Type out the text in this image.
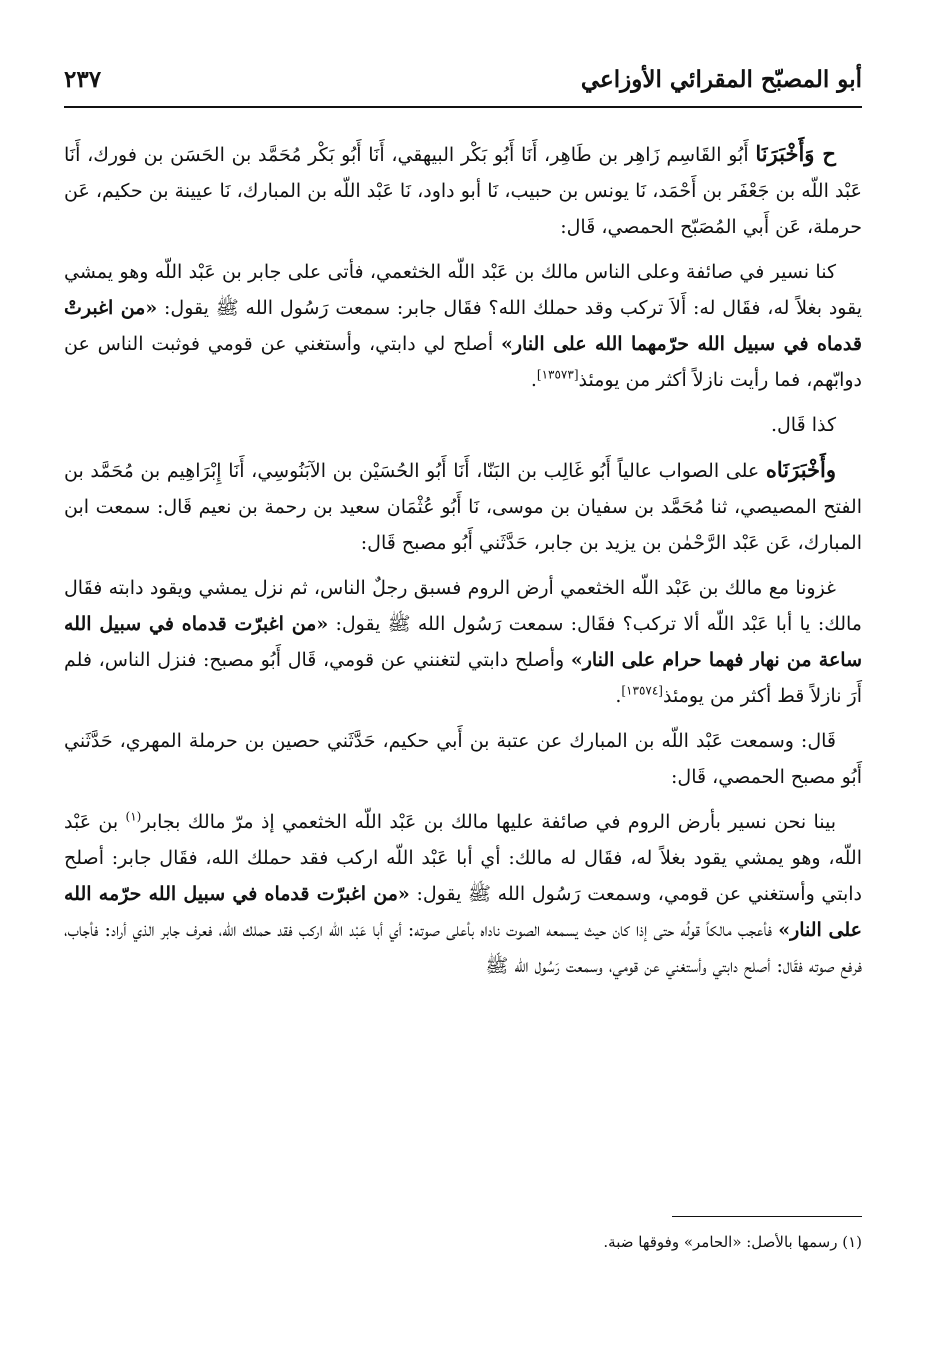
أبو المصبّح المقرائي الأوزاعي
٢٣٧

ح وَأَخْبَرَنَا أَبُو القَاسِم زَاهِر بن طَاهِر، أَنَا أَبُو بَكْر البيهقي، أَنَا أَبُو بَكْر مُحَمَّد بن الحَسَن بن فورك، أَنَا عَبْد اللّه بن جَعْفَر بن أَحْمَد، نَا يونس بن حبيب، نَا أبو داود، نَا عَبْد اللّه بن المبارك، نَا عيينة بن حكيم، عَن حرملة، عَن أَبي المُصَبّح الحمصي، قَال:

كنا نسير في صائفة وعلى الناس مالك بن عَبْد اللّه الخثعمي، فأتى على جابر بن عَبْد اللّه وهو يمشي يقود بغلاً له، فقَال له: أَلاَ تركب وقد حملك الله؟ فقَال جابر: سمعت رَسُول الله ﷺ يقول: «من اغبرتْ قدماه في سبيل الله حرّمهما الله على النار» أصلح لي دابتي، وأستغني عن قومي فوثبت الناس عن دوابّهم، فما رأيت نازلاً أكثر من يومئذ[١٣٥٧٣].

كذا قَال.

وأَخْبَرَنَاه على الصواب عالياً أَبُو غَالِب بن البَنّا، أَنَا أَبُو الحُسَيْن بن الآبَنُوسِي، أَنَا إِبْرَاهِيم بن مُحَمَّد بن الفتح المصيصي، ثنا مُحَمَّد بن سفيان بن موسى، نَا أَبُو عُثْمَان سعيد بن رحمة بن نعيم قَال: سمعت ابن المبارك، عَن عَبْد الرَّحْمٰن بن يزيد بن جابر، حَدَّثَني أَبُو مصبح قَال:

غزونا مع مالك بن عَبْد اللّه الخثعمي أرض الروم فسبق رجلٌ الناس، ثم نزل يمشي ويقود دابته فقَال مالك: يا أبا عَبْد اللّه ألا تركب؟ فقَال: سمعت رَسُول الله ﷺ يقول: «من اغبرّت قدماه في سبيل الله ساعة من نهار فهما حرام على النار» وأصلح دابتي لتغنني عن قومي، قَال أَبُو مصبح: فنزل الناس، فلم أَرَ نازلاً قط أكثر من يومئذ[١٣٥٧٤].

قَال: وسمعت عَبْد اللّه بن المبارك عن عتبة بن أَبي حكيم، حَدَّثَني حصين بن حرملة المهري، حَدَّثَني أَبُو مصبح الحمصي، قَال:

بينا نحن نسير بأرض الروم في صائفة عليها مالك بن عَبْد اللّه الخثعمي إذ مرّ مالك بجابر$^{(١)}$ بن عَبْد اللّه، وهو يمشي يقود بغلاً له، فقَال له مالك: أي أبا عَبْد اللّه اركب فقد حملك الله، فقَال جابر: أصلح دابتي وأستغني عن قومي، وسمعت رَسُول الله ﷺ يقول: «من اغبرّت قدماه في سبيل الله حرّمه الله على النار» فأعجب مالكاً قولُه حتى إذا كان حيث يسمعه الصوت ناداه بأعلى صوته: أي أبا عَبْد اللّه اركب فقد حملك الله، فعرف جابر الذي أراد: فأجاب، فرفع صوته فقَال: أصلح دابتي وأستغني عن قومي، وسمعت رَسُول الله ﷺ

(١) رسمها بالأصل: «الحامر» وفوقها ضبة.
